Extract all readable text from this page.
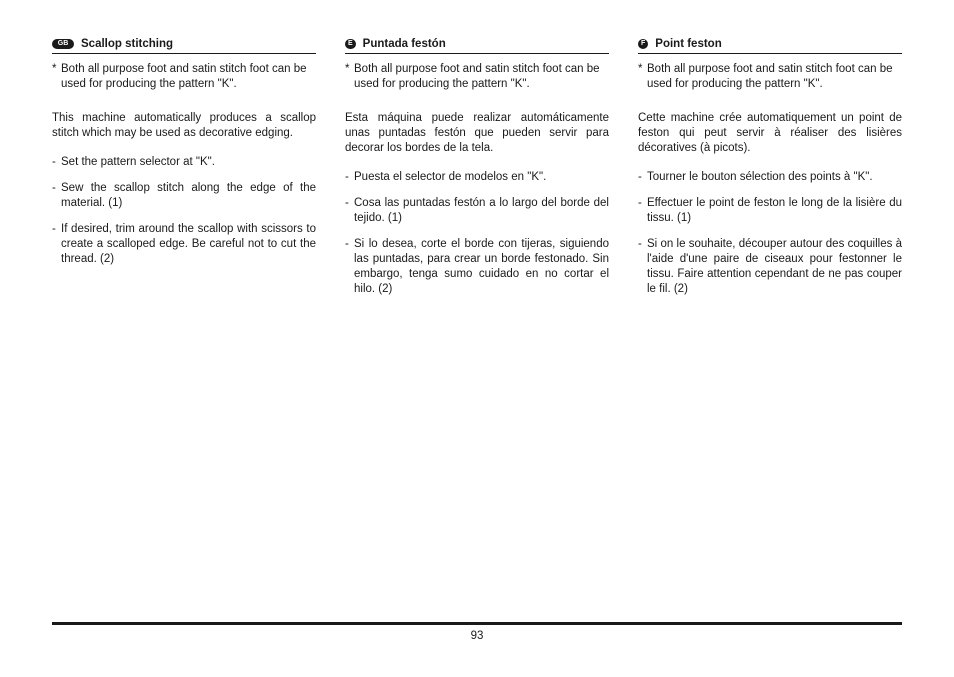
GB	Scallop stitching
* Both all purpose foot and satin stitch foot can be used for producing the pattern "K".

This machine automatically produces a scallop stitch which may be used as decorative edging.

- Set the pattern selector at "K".
- Sew the scallop stitch along the edge of the material. (1)
- If desired, trim around the scallop with scissors to create a scalloped edge. Be careful not to cut the thread. (2)
E Puntada festón
* Both all purpose foot and satin stitch foot can be used for producing the pattern "K".

Esta máquina puede realizar automáticamente unas puntadas festón que pueden servir para decorar los bordes de la tela.

- Puesta el selector de modelos en "K".
- Cosa las puntadas festón a lo largo del borde del tejido. (1)
- Si lo desea, corte el borde con tijeras, siguiendo las puntadas, para crear un borde festonado. Sin embargo, tenga sumo cuidado en no cortar el hilo. (2)
F Point feston
* Both all purpose foot and satin stitch foot can be used for producing the pattern "K".

Cette machine crée automatiquement un point de feston qui peut servir à réaliser des lisières décoratives (à picots).

- Tourner le bouton sélection des points à "K".
- Effectuer le point de feston le long de la lisière du tissu. (1)
- Si on le souhaite, découper autour des coquilles à l'aide d'une paire de ciseaux pour festonner le tissu. Faire attention cependant de ne pas couper le fil. (2)
93
